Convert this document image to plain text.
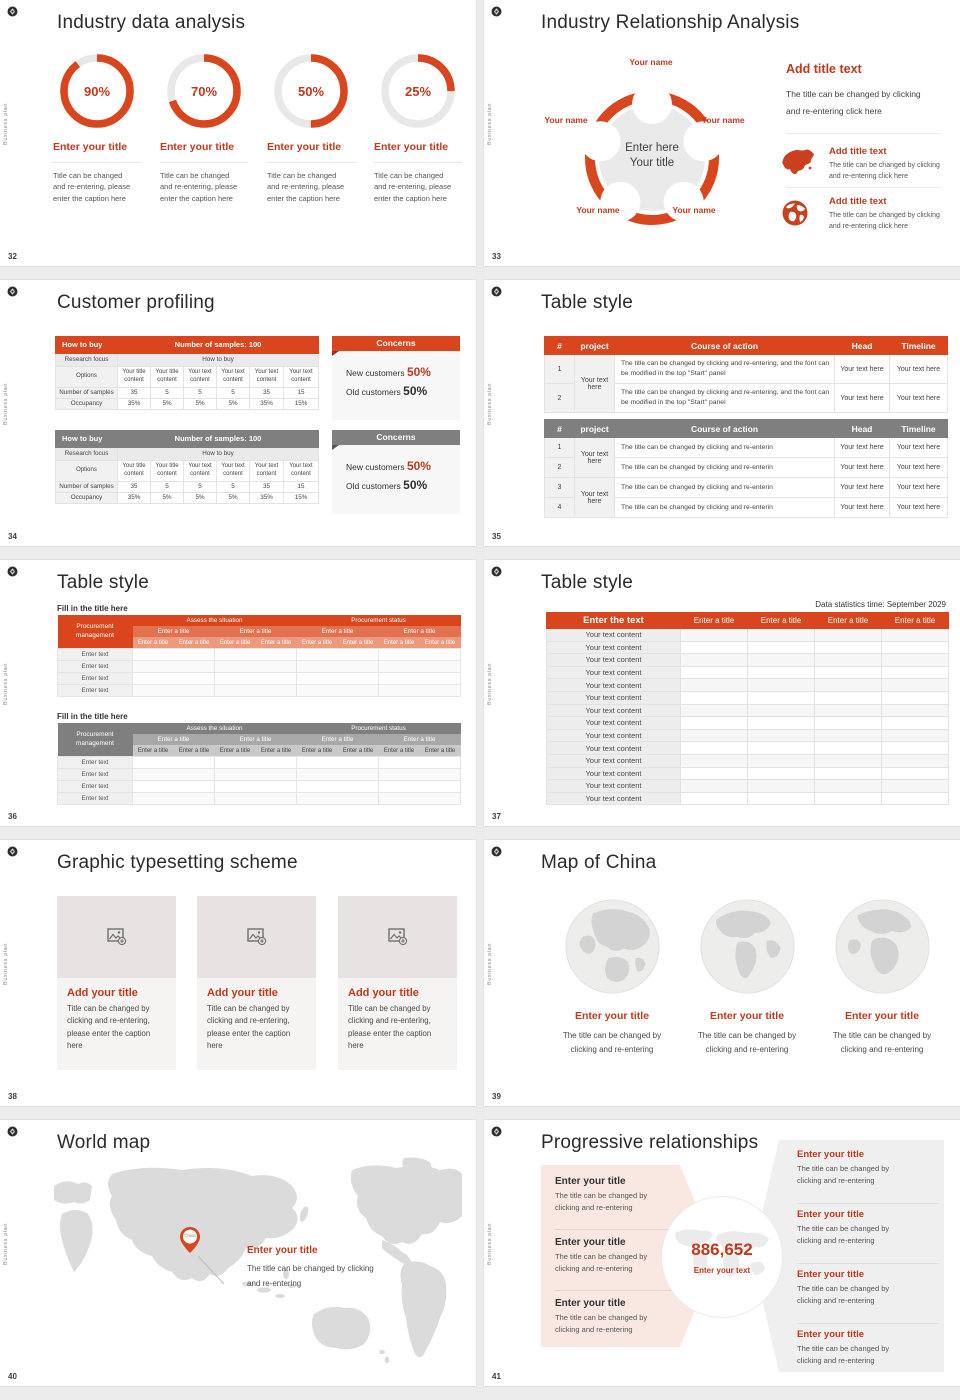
Business plan
Industry data analysis
90%
Enter your title
Title can be changed
and re-entering, please
enter the caption here
70%
Enter your title
Title can be changed
and re-entering, please
enter the caption here
50%
Enter your title
Title can be changed
and re-entering, please
enter the caption here
25%
Enter your title
Title can be changed
and re-entering, please
enter the caption here
32
Business plan
Industry Relationship Analysis
Enter here
Your title
Your name
Your name	Your name
Your name	Your name
Add title text
The title can be changed by clicking
and re-entering click here
Add title text
The title can be changed by clicking
and re-entering click here
Add title text
The title can be changed by clicking
and re-entering click here
33
Business plan
Customer profiling
How to buy	Number of samples: 100					
Research focus	How to buy					
Options	Your title content	Your title content	Your text content	Your text content	Your text content	Your text content
Number of samples	35	5	5	5	35	15
Occupancy	35%	5%	5%	5%	35%	15%
Concerns
New customers 50%
Old customers 50%
How to buy	Number of samples: 100					
Research focus	How to buy					
Options	Your title content	Your title content	Your text content	Your text content	Your text content	Your text content
Number of samples	35	5	5	5	35	15
Occupancy	35%	5%	5%	5%	35%	15%
Concerns
New customers 50%
Old customers 50%
34
Business plan
Table style
#	project	Course of action	Head	Timeline
1	Your text here	The title can be changed by clicking and re-entering, and the font can be modified in the top "Start" panel	Your text here	Your text here
2		The title can be changed by clicking and re-entering, and the font can be modified in the top "Start" panel	Your text here	Your text here
#	project	Course of action	Head	Timeline
1	Your text here	The title can be changed by clicking and re-enterin	Your text here	Your text here
2		The title can be changed by clicking and re-enterin	Your text here	Your text here
3	Your text here	The title can be changed by clicking and re-enterin	Your text here	Your text here
4		The title can be changed by clicking and re-enterin	Your text here	Your text here
35
Business plan
Table style
Fill in the title here
Procurement management	Assess the situation				Procurement status			
	Enter a title		Enter a title		Enter a title		Enter a title	
	Enter a title	Enter a title	Enter a title	Enter a title	Enter a title	Enter a title	Enter a title	Enter a title
Enter text								
Enter text								
Enter text								
Enter text								
Fill in the title here
Procurement management	Assess the situation				Procurement status			
	Enter a title		Enter a title		Enter a title		Enter a title	
	Enter a title	Enter a title	Enter a title	Enter a title	Enter a title	Enter a title	Enter a title	Enter a title
Enter text								
Enter text								
Enter text								
Enter text								
36
Business plan
Table style
Data statistics time: September 2029
Enter the text	Enter a title	Enter a title	Enter a title	Enter a title
Your text content				
Your text content				
Your text content				
Your text content				
Your text content				
Your text content				
Your text content				
Your text content				
Your text content				
Your text content				
Your text content				
Your text content				
Your text content				
Your text content				
37
Business plan
Graphic typesetting scheme
Add your title
Title can be changed by
clicking and re-entering,
please enter the caption here
Add your title
Title can be changed by
clicking and re-entering,
please enter the caption here
Add your title
Title can be changed by
clicking and re-entering,
please enter the caption here
38
Business plan
Map of China
Enter your title
The title can be changed by
clicking and re-entering
Enter your title
The title can be changed by
clicking and re-entering
Enter your title
The title can be changed by
clicking and re-entering
39
Business plan
World map
China
Enter your title
The title can be changed by clicking
and re-entering
40
Business plan
Progressive relationships
Enter your title
The title can be changed by
clicking and re-entering
Enter your title
The title can be changed by
clicking and re-entering
Enter your title
The title can be changed by
clicking and re-entering
886,652
Enter your text
Enter your title
The title can be changed by
clicking and re-entering
Enter your title
The title can be changed by
clicking and re-entering
Enter your title
The title can be changed by
clicking and re-entering
Enter your title
The title can be changed by
clicking and re-entering
41
